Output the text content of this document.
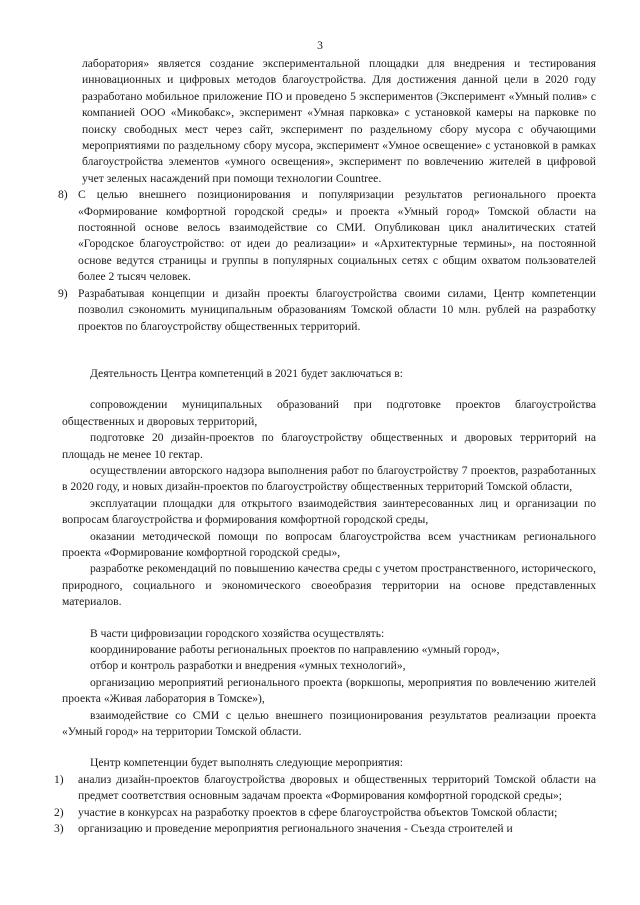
3

лаборатория» является создание экспериментальной площадки для внедрения и тестирования инновационных и цифровых методов благоустройства. Для достижения данной цели в 2020 году разработано мобильное приложение ПО и проведено 5 экспериментов (Эксперимент «Умный полив» с компанией ООО «Микобакс», эксперимент «Умная парковка» с установкой камеры на парковке по поиску свободных мест через сайт, эксперимент по раздельному сбору мусора с обучающими мероприятиями по раздельному сбору мусора, эксперимент «Умное освещение» с установкой в рамках благоустройства элементов «умного освещения», эксперимент по вовлечению жителей в цифровой учет зеленых насаждений при помощи технологии Countree.

8) С целью внешнего позиционирования и популяризации результатов регионального проекта «Формирование комфортной городской среды» и проекта «Умный город» Томской области на постоянной основе велось взаимодействие со СМИ. Опубликован цикл аналитических статей «Городское благоустройство: от идеи до реализации» и «Архитектурные термины», на постоянной основе ведутся страницы и группы в популярных социальных сетях с общим охватом пользователей более 2 тысяч человек.
9) Разрабатывая концепции и дизайн проекты благоустройства своими силами, Центр компетенции позволил сэкономить муниципальным образованиям Томской области 10 млн. рублей на разработку проектов по благоустройству общественных территорий.

Деятельность Центра компетенций в 2021 будет заключаться в:

сопровождении муниципальных образований при подготовке проектов благоустройства общественных и дворовых территорий,

подготовке 20 дизайн-проектов по благоустройству общественных и дворовых территорий на площадь не менее 10 гектар.

осуществлении авторского надзора выполнения работ по благоустройству 7 проектов, разработанных в 2020 году, и новых дизайн-проектов по благоустройству общественных территорий Томской области,

эксплуатации площадки для открытого взаимодействия заинтересованных лиц и организации по вопросам благоустройства и формирования комфортной городской среды,

оказании методической помощи по вопросам благоустройства всем участникам регионального проекта «Формирование комфортной городской среды»,

разработке рекомендаций по повышению качества среды с учетом пространственного, исторического, природного, социального и экономического своеобразия территории на основе представленных материалов.

В части цифровизации городского хозяйства осуществлять:

координирование работы региональных проектов по направлению «умный город»,

отбор и контроль разработки и внедрения «умных технологий»,

организацию мероприятий регионального проекта (воркшопы, мероприятия по вовлечению жителей проекта «Живая лаборатория в Томске»),

взаимодействие со СМИ с целью внешнего позиционирования результатов реализации проекта «Умный город» на территории Томской области.

Центр компетенции будет выполнять следующие мероприятия:

1)	анализ дизайн-проектов благоустройства дворовых и общественных территорий Томской области на предмет соответствия основным задачам проекта «Формирования комфортной городской среды»;
2)	участие в конкурсах на разработку проектов в сфере благоустройства объектов Томской области;
3)	организацию и проведение мероприятия регионального значения - Съезда строителей и
